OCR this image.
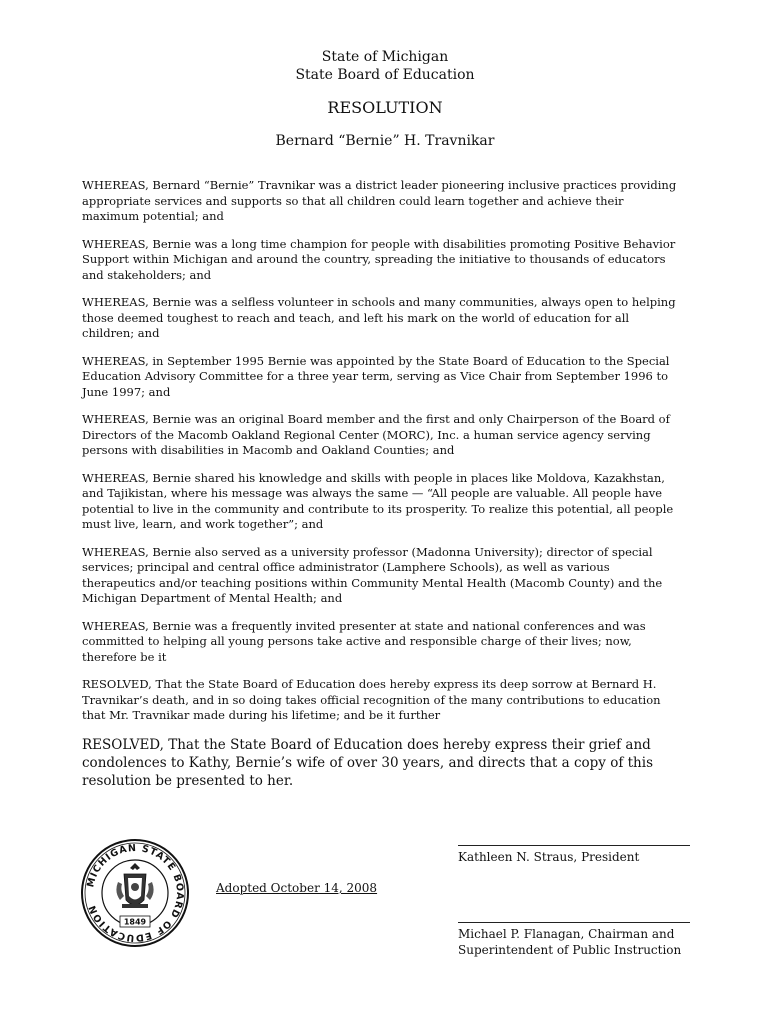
State of Michigan
State Board of Education
RESOLUTION
Bernard “Bernie” H. Travnikar

WHEREAS, Bernard “Bernie” Travnikar was a district leader pioneering inclusive practices providing appropriate services and supports so that all children could learn together and achieve their maximum potential; and

WHEREAS, Bernie was a long time champion for people with disabilities promoting Positive Behavior Support within Michigan and around the country, spreading the initiative to thousands of educators and stakeholders; and

WHEREAS, Bernie was a selfless volunteer in schools and many communities, always open to helping those deemed toughest to reach and teach, and left his mark on the world of education for all children; and

WHEREAS, in September 1995 Bernie was appointed by the State Board of Education to the Special Education Advisory Committee for a three year term, serving as Vice Chair from September 1996 to June 1997; and

WHEREAS, Bernie was an original Board member and the first and only Chairperson of the Board of Directors of the Macomb Oakland Regional Center (MORC), Inc. a human service agency serving persons with disabilities in Macomb and Oakland Counties; and

WHEREAS, Bernie shared his knowledge and skills with people in places like Moldova, Kazakhstan, and Tajikistan, where his message was always the same — “All people are valuable. All people have potential to live in the community and contribute to its prosperity. To realize this potential, all people must live, learn, and work together”; and

WHEREAS, Bernie also served as a university professor (Madonna University); director of special services; principal and central office administrator (Lamphere Schools), as well as various therapeutics and/or teaching positions within Community Mental Health (Macomb County) and the Michigan Department of Mental Health; and

WHEREAS, Bernie was a frequently invited presenter at state and national conferences and was committed to helping all young persons take active and responsible charge of their lives; now, therefore be it

RESOLVED, That the State Board of Education does hereby express its deep sorrow at Bernard H. Travnikar’s death, and in so doing takes official recognition of the many contributions to education that Mr. Travnikar made during his lifetime; and be it further

RESOLVED, That the State Board of Education does hereby express their grief and condolences to Kathy, Bernie’s wife of over 30 years, and directs that a copy of this resolution be presented to her.

MICHIGAN STATE BOARD OF EDUCATION
1849
Adopted October 14, 2008
Kathleen N. Straus, President
Michael P. Flanagan, Chairman and
Superintendent of Public Instruction
